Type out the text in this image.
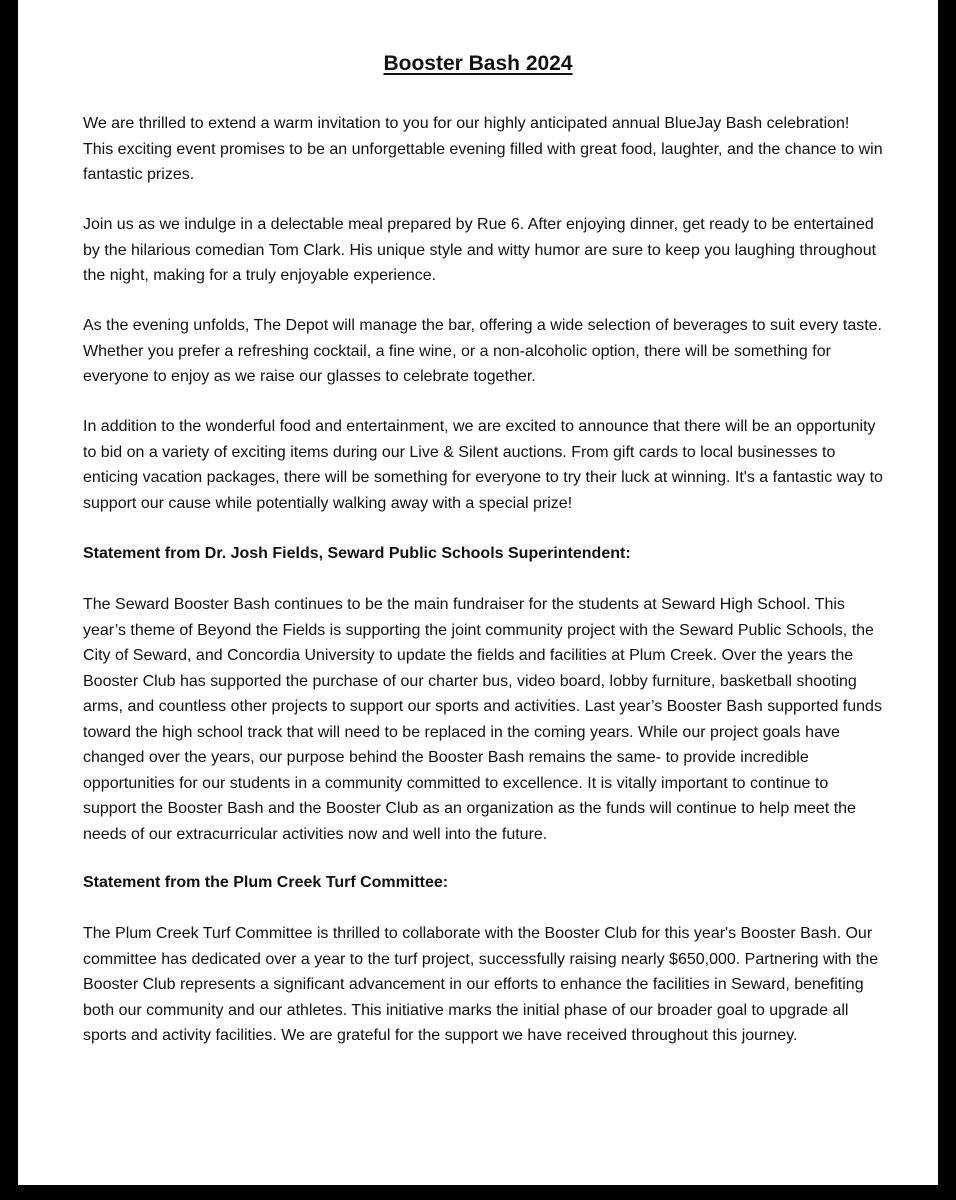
Booster Bash 2024

We are thrilled to extend a warm invitation to you for our highly anticipated annual BlueJay Bash celebration! This exciting event promises to be an unforgettable evening filled with great food, laughter, and the chance to win fantastic prizes.

Join us as we indulge in a delectable meal prepared by Rue 6. After enjoying dinner, get ready to be entertained by the hilarious comedian Tom Clark. His unique style and witty humor are sure to keep you laughing throughout the night, making for a truly enjoyable experience.

As the evening unfolds, The Depot will manage the bar, offering a wide selection of beverages to suit every taste. Whether you prefer a refreshing cocktail, a fine wine, or a non-alcoholic option, there will be something for everyone to enjoy as we raise our glasses to celebrate together.

In addition to the wonderful food and entertainment, we are excited to announce that there will be an opportunity to bid on a variety of exciting items during our Live & Silent auctions. From gift cards to local businesses to enticing vacation packages, there will be something for everyone to try their luck at winning. It's a fantastic way to support our cause while potentially walking away with a special prize!

Statement from Dr. Josh Fields, Seward Public Schools Superintendent:

The Seward Booster Bash continues to be the main fundraiser for the students at Seward High School. This year’s theme of Beyond the Fields is supporting the joint community project with the Seward Public Schools, the City of Seward, and Concordia University to update the fields and facilities at Plum Creek. Over the years the Booster Club has supported the purchase of our charter bus, video board, lobby furniture, basketball shooting arms, and countless other projects to support our sports and activities. Last year’s Booster Bash supported funds toward the high school track that will need to be replaced in the coming years. While our project goals have changed over the years, our purpose behind the Booster Bash remains the same- to provide incredible opportunities for our students in a community committed to excellence. It is vitally important to continue to support the Booster Bash and the Booster Club as an organization as the funds will continue to help meet the needs of our extracurricular activities now and well into the future.

Statement from the Plum Creek Turf Committee:

The Plum Creek Turf Committee is thrilled to collaborate with the Booster Club for this year's Booster Bash. Our committee has dedicated over a year to the turf project, successfully raising nearly $650,000. Partnering with the Booster Club represents a significant advancement in our efforts to enhance the facilities in Seward, benefiting both our community and our athletes. This initiative marks the initial phase of our broader goal to upgrade all sports and activity facilities. We are grateful for the support we have received throughout this journey.
